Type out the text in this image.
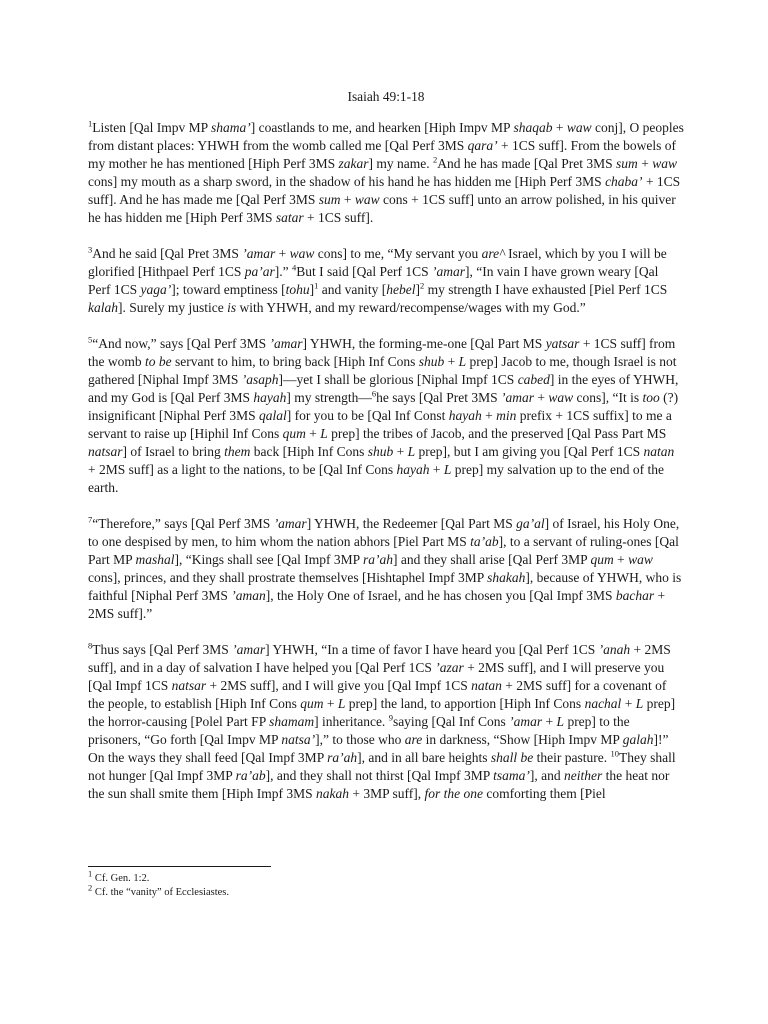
Isaiah 49:1-18

$^1$Listen [Qal Impv MP shama’] coastlands to me, and hearken [Hiph Impv MP shaqab + waw conj], O peoples from distant places: YHWH from the womb called me [Qal Perf 3MS qara’ + 1CS suff]. From the bowels of my mother he has mentioned [Hiph Perf 3MS zakar] my name. $^2$And he has made [Qal Pret 3MS sum + waw cons] my mouth as a sharp sword, in the shadow of his hand he has hidden me [Hiph Perf 3MS chaba’ + 1CS suff]. And he has made me [Qal Perf 3MS sum + waw cons + 1CS suff] unto an arrow polished, in his quiver he has hidden me [Hiph Perf 3MS satar + 1CS suff].

$^3$And he said [Qal Pret 3MS ’amar + waw cons] to me, “My servant you are^ Israel, which by you I will be glorified [Hithpael Perf 1CS pa’ar].” $^4$But I said [Qal Perf 1CS ’amar], “In vain I have grown weary [Qal Perf 1CS yaga’]; toward emptiness [tohu]$^1$ and vanity [hebel]$^2$ my strength I have exhausted [Piel Perf 1CS kalah]. Surely my justice is with YHWH, and my reward/recompense/wages with my God.”

$^5$“And now,” says [Qal Perf 3MS ’amar] YHWH, the forming-me-one [Qal Part MS yatsar + 1CS suff] from the womb to be servant to him, to bring back [Hiph Inf Cons shub + L prep] Jacob to me, though Israel is not gathered [Niphal Impf 3MS ’asaph]—yet I shall be glorious [Niphal Impf 1CS cabed] in the eyes of YHWH, and my God is [Qal Perf 3MS hayah] my strength—$^6$he says [Qal Pret 3MS ’amar + waw cons], “It is too (?) insignificant [Niphal Perf 3MS qalal] for you to be [Qal Inf Const hayah + min prefix + 1CS suffix] to me a servant to raise up [Hiphil Inf Cons qum + L prep] the tribes of Jacob, and the preserved [Qal Pass Part MS natsar] of Israel to bring them back [Hiph Inf Cons shub + L prep], but I am giving you [Qal Perf 1CS natan + 2MS suff] as a light to the nations, to be [Qal Inf Cons hayah + L prep] my salvation up to the end of the earth.

$^7$“Therefore,” says [Qal Perf 3MS ’amar] YHWH, the Redeemer [Qal Part MS ga’al] of Israel, his Holy One, to one despised by men, to him whom the nation abhors [Piel Part MS ta’ab], to a servant of ruling-ones [Qal Part MP mashal], “Kings shall see [Qal Impf 3MP ra’ah] and they shall arise [Qal Perf 3MP qum + waw cons], princes, and they shall prostrate themselves [Hishtaphel Impf 3MP shakah], because of YHWH, who is faithful [Niphal Perf 3MS ’aman], the Holy One of Israel, and he has chosen you [Qal Impf 3MS bachar + 2MS suff].”

$^8$Thus says [Qal Perf 3MS ’amar] YHWH, “In a time of favor I have heard you [Qal Perf 1CS ’anah + 2MS suff], and in a day of salvation I have helped you [Qal Perf 1CS ’azar + 2MS suff], and I will preserve you [Qal Impf 1CS natsar + 2MS suff], and I will give you [Qal Impf 1CS natan + 2MS suff] for a covenant of the people, to establish [Hiph Inf Cons qum + L prep] the land, to apportion [Hiph Inf Cons nachal + L prep] the horror-causing [Polel Part FP shamam] inheritance. $^9$saying [Qal Inf Cons ’amar + L prep] to the prisoners, “Go forth [Qal Impv MP natsa’],” to those who are in darkness, “Show [Hiph Impv MP galah]!” On the ways they shall feed [Qal Impf 3MP ra’ah], and in all bare heights shall be their pasture. $^{10}$They shall not hunger [Qal Impf 3MP ra’ab], and they shall not thirst [Qal Impf 3MP tsama’], and neither the heat nor the sun shall smite them [Hiph Impf 3MS nakah + 3MP suff], for the one comforting them [Piel

$^1$ Cf. Gen. 1:2.
$^2$ Cf. the “vanity” of Ecclesiastes.
